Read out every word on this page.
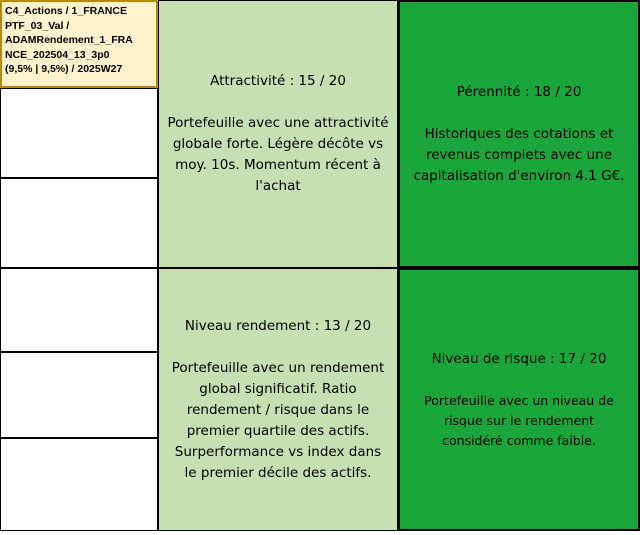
C4_Actions / 1_FRANCE
PTF_03_Val /
ADAMRendement_1_FRA
NCE_202504_13_3p0
(9,5% | 9,5%) / 2025W27
Attractivité : 15 / 20
Portefeuille avec une attractivité globale forte. Légère décôte vs moy. 10s. Momentum récent à l'achat
Pérennité : 18 / 20
Historiques des cotations et revenus complets avec une capitalisation d'environ 4.1 G€.
Niveau rendement : 13 / 20
Portefeuille avec un rendement global significatif. Ratio rendement / risque dans le premier quartile des actifs. Surperformance vs index dans le premier décile des actifs.
Niveau de risque : 17 / 20
Portefeuille avec un niveau de risque sur le rendement considéré comme faible.
